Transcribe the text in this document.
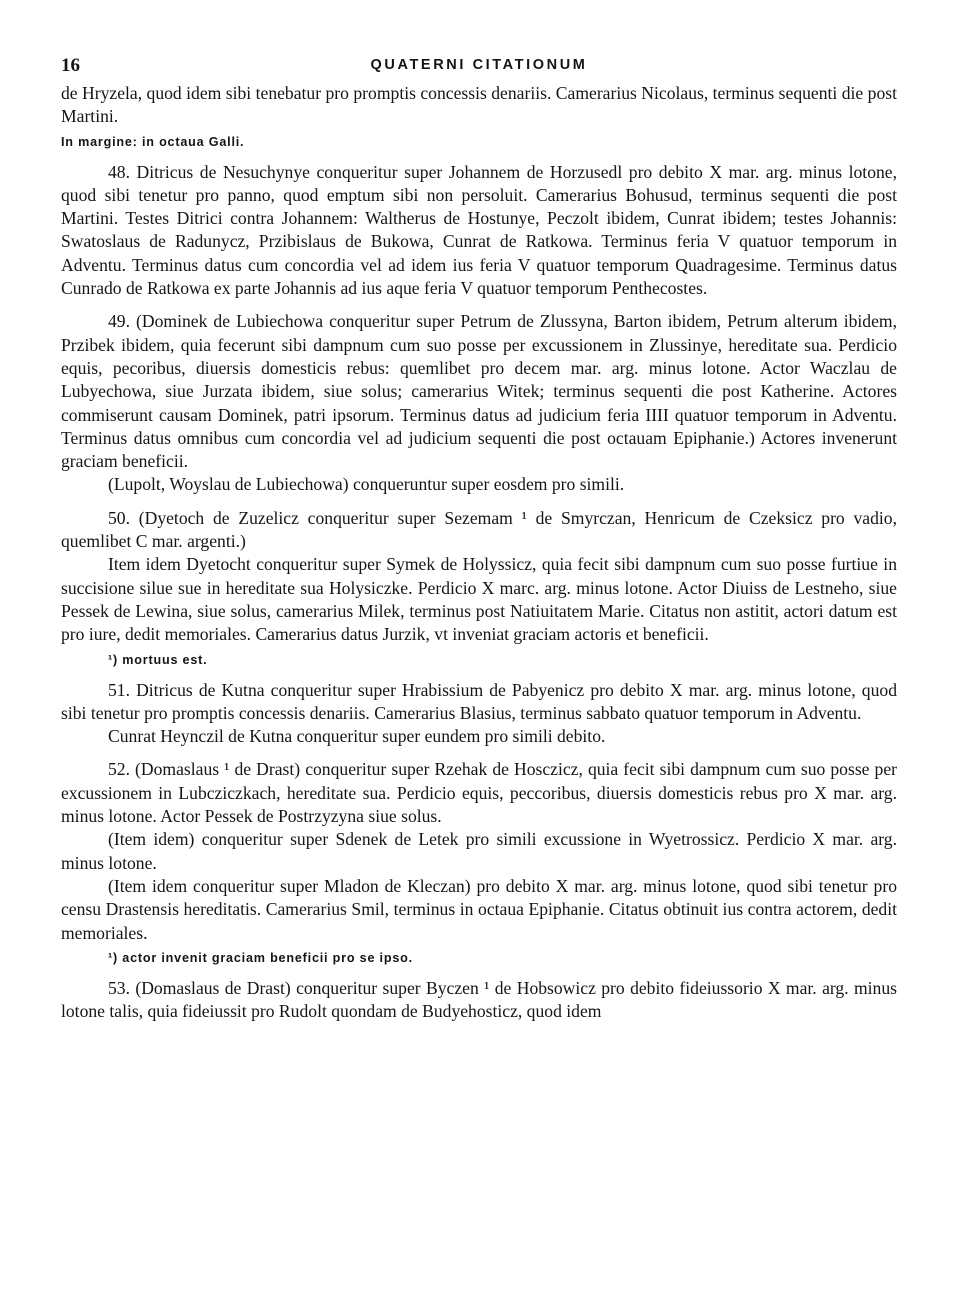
16	QUATERNI CITATIONUM

de Hryzela, quod idem sibi tenebatur pro promptis concessis denariis. Camerarius Nicolaus, terminus sequenti die post Martini.

In margine: in octaua Galli.

48. Ditricus de Nesuchynye conqueritur super Johannem de Horzusedl pro debito X mar. arg. minus lotone, quod sibi tenetur pro panno, quod emptum sibi non persoluit. Camerarius Bohusud, terminus sequenti die post Martini. Testes Ditrici contra Johannem: Waltherus de Hostunye, Peczolt ibidem, Cunrat ibidem; testes Johannis: Swatoslaus de Radunycz, Przibislaus de Bukowa, Cunrat de Ratkowa. Terminus feria V quatuor temporum in Adventu. Terminus datus cum concordia vel ad idem ius feria V quatuor temporum Quadragesime. Terminus datus Cunrado de Ratkowa ex parte Johannis ad ius aque feria V quatuor temporum Penthecostes.

49. (Dominek de Lubiechowa conqueritur super Petrum de Zlussyna, Barton ibidem, Petrum alterum ibidem, Przibek ibidem, quia fecerunt sibi dampnum cum suo posse per excussionem in Zlussinye, hereditate sua. Perdicio equis, pecoribus, diuersis domesticis rebus: quemlibet pro decem mar. arg. minus lotone. Actor Waczlau de Lubyechowa, siue Jurzata ibidem, siue solus; camerarius Witek; terminus sequenti die post Katherine. Actores commiserunt causam Dominek, patri ipsorum. Terminus datus ad judicium feria IIII quatuor temporum in Adventu. Terminus datus omnibus cum concordia vel ad judicium sequenti die post octauam Epiphanie.) Actores invenerunt graciam beneficii.

(Lupolt, Woyslau de Lubiechowa) conqueruntur super eosdem pro simili.

50. (Dyetoch de Zuzelicz conqueritur super Sezemam ¹ de Smyrczan, Henricum de Czeksicz pro vadio, quemlibet C mar. argenti.)

Item idem Dyetocht conqueritur super Symek de Holyssicz, quia fecit sibi dampnum cum suo posse furtiue in succisione silue sue in hereditate sua Holysiczke. Perdicio X marc. arg. minus lotone. Actor Diuiss de Lestneho, siue Pessek de Lewina, siue solus, camerarius Milek, terminus post Natiuitatem Marie. Citatus non astitit, actori datum est pro iure, dedit memoriales. Camerarius datus Jurzik, vt inveniat graciam actoris et beneficii.

¹) mortuus est.

51. Ditricus de Kutna conqueritur super Hrabissium de Pabyenicz pro debito X mar. arg. minus lotone, quod sibi tenetur pro promptis concessis denariis. Camerarius Blasius, terminus sabbato quatuor temporum in Adventu.

Cunrat Heynczil de Kutna conqueritur super eundem pro simili debito.

52. (Domaslaus ¹ de Drast) conqueritur super Rzehak de Hosczicz, quia fecit sibi dampnum cum suo posse per excussionem in Lubcziczkach, hereditate sua. Perdicio equis, peccoribus, diuersis domesticis rebus pro X mar. arg. minus lotone. Actor Pessek de Postrzyzyna siue solus.

(Item idem) conqueritur super Sdenek de Letek pro simili excussione in Wyetrossicz. Perdicio X mar. arg. minus lotone.

(Item idem conqueritur super Mladon de Kleczan) pro debito X mar. arg. minus lotone, quod sibi tenetur pro censu Drastensis hereditatis. Camerarius Smil, terminus in octaua Epiphanie. Citatus obtinuit ius contra actorem, dedit memoriales.

¹) actor invenit graciam beneficii pro se ipso.

53. (Domaslaus de Drast) conqueritur super Byczen ¹ de Hobsowicz pro debito fideiussorio X mar. arg. minus lotone talis, quia fideiussit pro Rudolt quondam de Budyehosticz, quod idem
